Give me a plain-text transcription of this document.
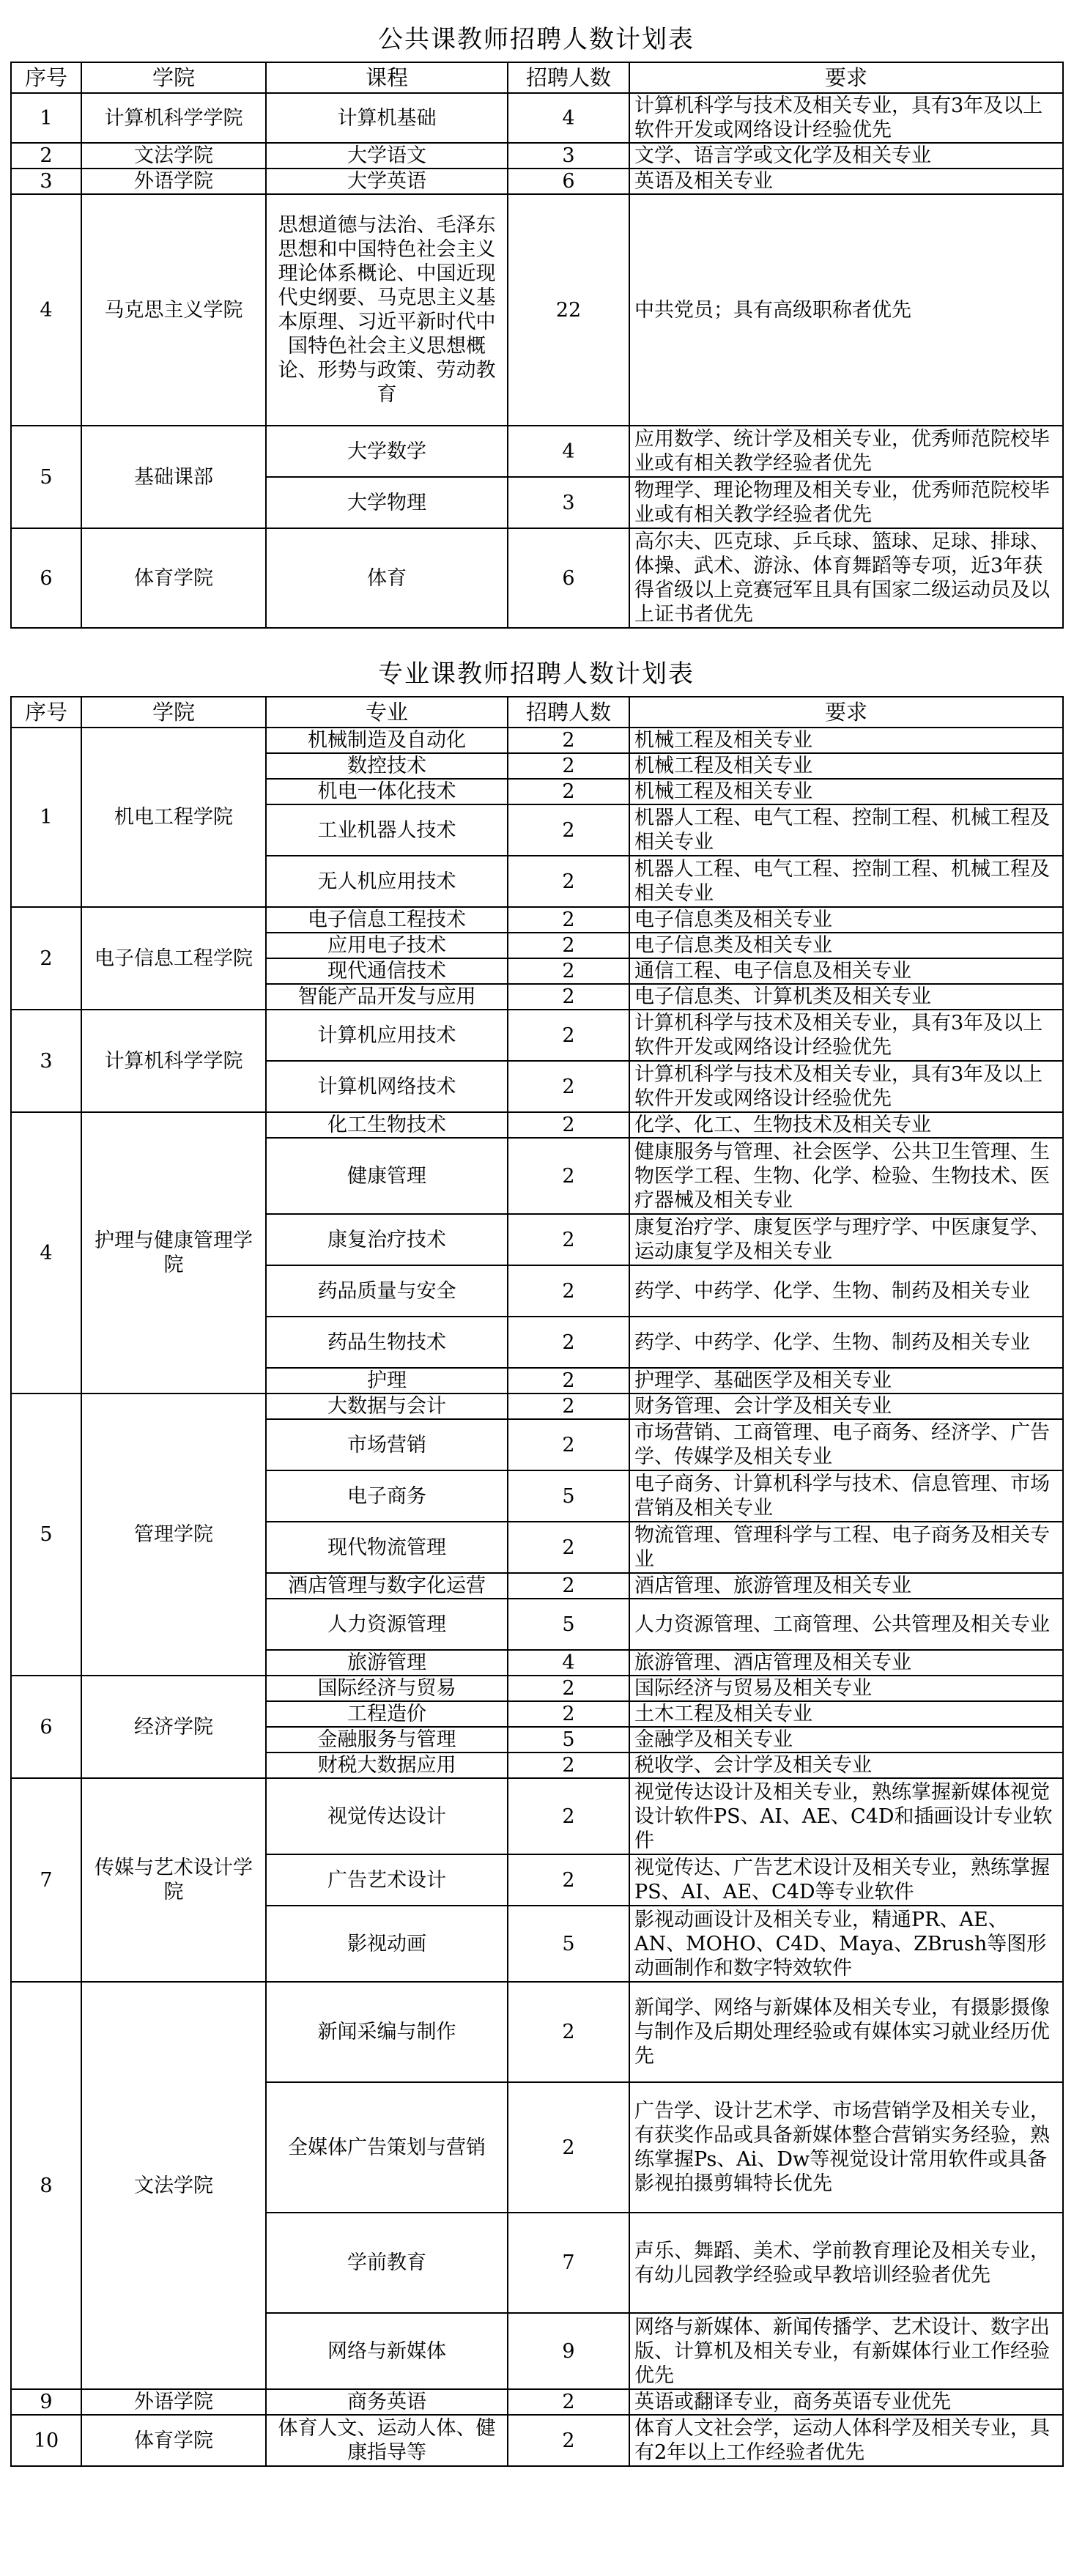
公共课教师招聘人数计划表
序号	学院	课程	招聘人数	要求
1	计算机科学学院	计算机基础	4	计算机科学与技术及相关专业，具有3年及以上软件开发或网络设计经验优先
2	文法学院	大学语文	3	文学、语言学或文化学及相关专业
3	外语学院	大学英语	6	英语及相关专业
4	马克思主义学院	思想道德与法治、毛泽东思想和中国特色社会主义理论体系概论、中国近现代史纲要、马克思主义基本原理、习近平新时代中国特色社会主义思想概论、形势与政策、劳动教育	22	中共党员；具有高级职称者优先
5	基础课部	大学数学	4	应用数学、统计学及相关专业，优秀师范院校毕业或有相关教学经验者优先
		大学物理	3	物理学、理论物理及相关专业，优秀师范院校毕业或有相关教学经验者优先
6	体育学院	体育	6	高尔夫、匹克球、乒乓球、篮球、足球、排球、体操、武术、游泳、体育舞蹈等专项，近3年获得省级以上竞赛冠军且具有国家二级运动员及以上证书者优先
专业课教师招聘人数计划表
序号	学院	专业	招聘人数	要求
1	机电工程学院	机械制造及自动化	2	机械工程及相关专业
		数控技术	2	机械工程及相关专业
		机电一体化技术	2	机械工程及相关专业
		工业机器人技术	2	机器人工程、电气工程、控制工程、机械工程及相关专业
		无人机应用技术	2	机器人工程、电气工程、控制工程、机械工程及相关专业
2	电子信息工程学院	电子信息工程技术	2	电子信息类及相关专业
		应用电子技术	2	电子信息类及相关专业
		现代通信技术	2	通信工程、电子信息及相关专业
		智能产品开发与应用	2	电子信息类、计算机类及相关专业
3	计算机科学学院	计算机应用技术	2	计算机科学与技术及相关专业，具有3年及以上软件开发或网络设计经验优先
		计算机网络技术	2	计算机科学与技术及相关专业，具有3年及以上软件开发或网络设计经验优先
4	护理与健康管理学院	化工生物技术	2	化学、化工、生物技术及相关专业
		健康管理	2	健康服务与管理、社会医学、公共卫生管理、生物医学工程、生物、化学、检验、生物技术、医疗器械及相关专业
		康复治疗技术	2	康复治疗学、康复医学与理疗学、中医康复学、运动康复学及相关专业
		药品质量与安全	2	药学、中药学、化学、生物、制药及相关专业
		药品生物技术	2	药学、中药学、化学、生物、制药及相关专业
		护理	2	护理学、基础医学及相关专业
5	管理学院	大数据与会计	2	财务管理、会计学及相关专业
		市场营销	2	市场营销、工商管理、电子商务、经济学、广告学、传媒学及相关专业
		电子商务	5	电子商务、计算机科学与技术、信息管理、市场营销及相关专业
		现代物流管理	2	物流管理、管理科学与工程、电子商务及相关专业
		酒店管理与数字化运营	2	酒店管理、旅游管理及相关专业
		人力资源管理	5	人力资源管理、工商管理、公共管理及相关专业
		旅游管理	4	旅游管理、酒店管理及相关专业
6	经济学院	国际经济与贸易	2	国际经济与贸易及相关专业
		工程造价	2	土木工程及相关专业
		金融服务与管理	5	金融学及相关专业
		财税大数据应用	2	税收学、会计学及相关专业
7	传媒与艺术设计学院	视觉传达设计	2	视觉传达设计及相关专业，熟练掌握新媒体视觉设计软件PS、AI、AE、C4D和插画设计专业软件
		广告艺术设计	2	视觉传达、广告艺术设计及相关专业，熟练掌握PS、AI、AE、C4D等专业软件
		影视动画	5	影视动画设计及相关专业，精通PR、AE、AN、MOHO、C4D、Maya、ZBrush等图形动画制作和数字特效软件
8	文法学院	新闻采编与制作	2	新闻学、网络与新媒体及相关专业，有摄影摄像与制作及后期处理经验或有媒体实习就业经历优先
		全媒体广告策划与营销	2	广告学、设计艺术学、市场营销学及相关专业，有获奖作品或具备新媒体整合营销实务经验，熟练掌握Ps、Ai、Dw等视觉设计常用软件或具备影视拍摄剪辑特长优先
		学前教育	7	声乐、舞蹈、美术、学前教育理论及相关专业，有幼儿园教学经验或早教培训经验者优先
		网络与新媒体	9	网络与新媒体、新闻传播学、艺术设计、数字出版、计算机及相关专业，有新媒体行业工作经验优先
9	外语学院	商务英语	2	英语或翻译专业，商务英语专业优先
10	体育学院	体育人文、运动人体、健康指导等	2	体育人文社会学，运动人体科学及相关专业，具有2年以上工作经验者优先
